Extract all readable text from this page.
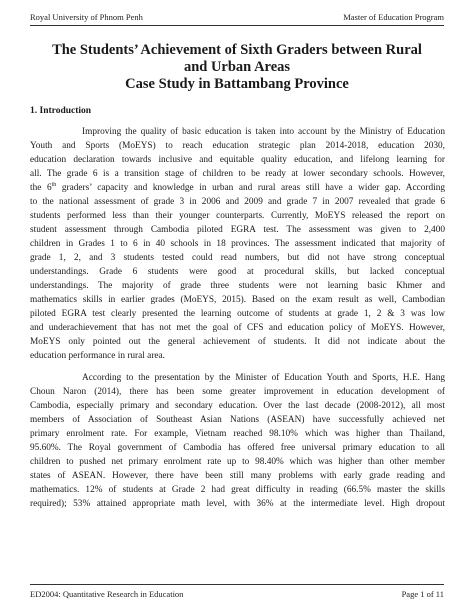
Royal University of Phnom Penh	Master of Education Program
The Students’ Achievement of Sixth Graders between Rural
and Urban Areas
Case Study in Battambang Province
1. Introduction
Improving the quality of basic education is taken into account by the Ministry of Education
Youth and Sports (MoEYS) to reach education strategic plan 2014-2018, education 2030,
education declaration towards inclusive and equitable quality education, and lifelong learning for
all. The grade 6 is a transition stage of children to be ready at lower secondary schools. However,
the 6th graders’ capacity and knowledge in urban and rural areas still have a wider gap. According
to the national assessment of grade 3 in 2006 and 2009 and grade 7 in 2007 revealed that grade 6
students performed less than their younger counterparts. Currently, MoEYS released the report on
student assessment through Cambodia piloted EGRA test. The assessment was given to 2,400
children in Grades 1 to 6 in 40 schools in 18 provinces. The assessment indicated that majority of
grade 1, 2, and 3 students tested could read numbers, but did not have strong conceptual
understandings. Grade 6 students were good at procedural skills, but lacked conceptual
understandings. The majority of grade three students were not learning basic Khmer and
mathematics skills in earlier grades (MoEYS, 2015). Based on the exam result as well, Cambodian
piloted EGRA test clearly presented the learning outcome of students at grade 1, 2 & 3 was low
and underachievement that has not met the goal of CFS and education policy of MoEYS. However,
MoEYS only pointed out the general achievement of students. It did not indicate about the
education performance in rural area.
According to the presentation by the Minister of Education Youth and Sports, H.E. Hang
Choun Naron (2014), there has been some greater improvement in education development of
Cambodia, especially primary and secondary education. Over the last decade (2008-2012), all most
members of Association of Southeast Asian Nations (ASEAN) have successfully achieved net
primary enrolment rate. For example, Vietnam reached 98.10% which was higher than Thailand,
95.60%. The Royal government of Cambodia has offered free universal primary education to all
children to pushed net primary enrolment rate up to 98.40% which was higher than other member
states of ASEAN. However, there have been still many problems with early grade reading and
mathematics. 12% of students at Grade 2 had great difficulty in reading (66.5% master the skills
required); 53% attained appropriate math level, with 36% at the intermediate level. High dropout
ED2004: Quantitative Research in Education	Page 1 of 11
